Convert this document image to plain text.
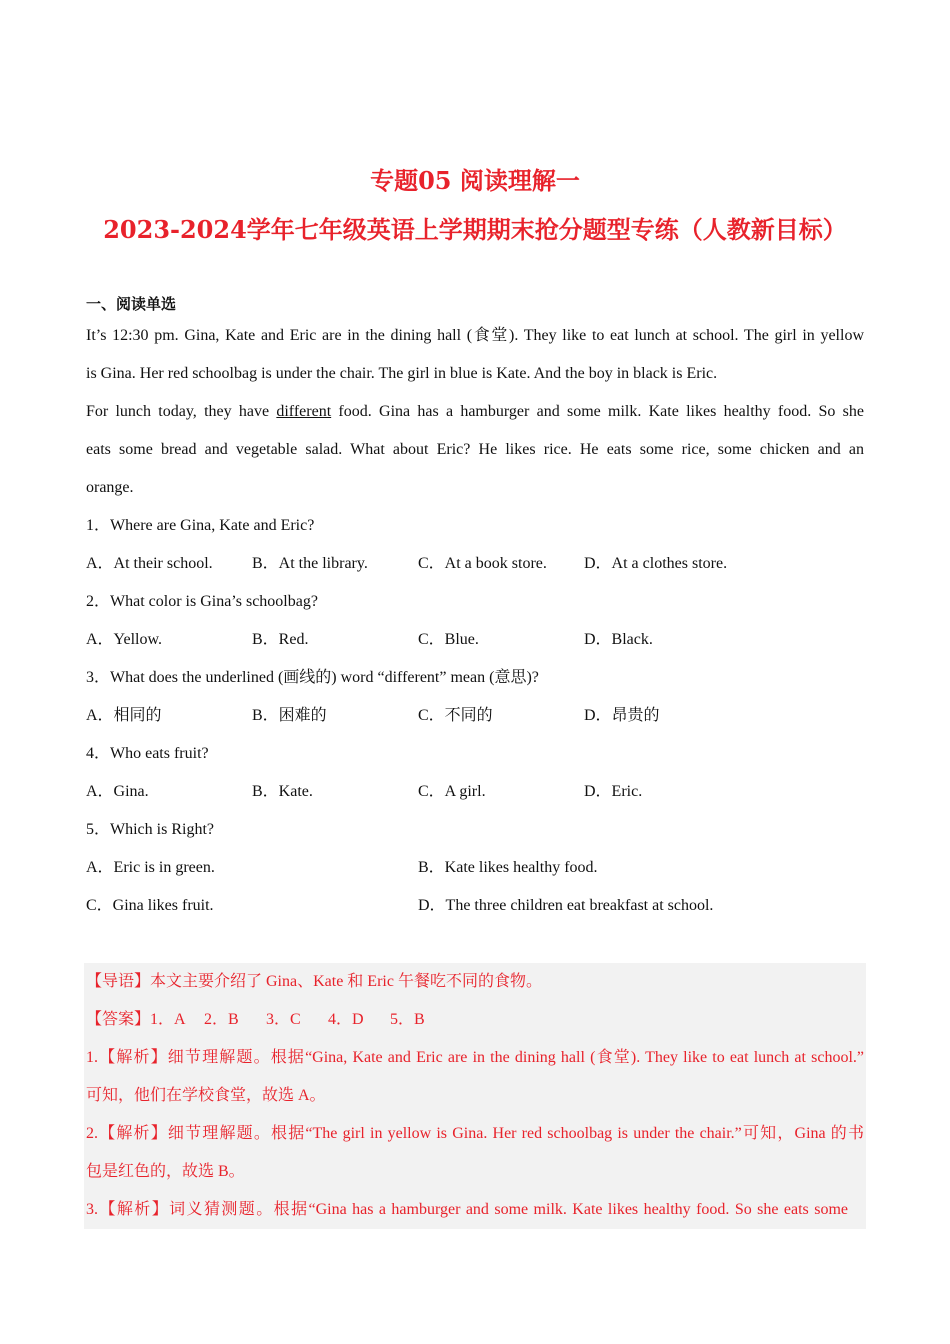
专题05 阅读理解一
2023-2024学年七年级英语上学期期末抢分题型专练（人教新目标）
一、阅读单选
It’s 12:30 pm. Gina, Kate and Eric are in the dining hall (食堂). They like to eat lunch at school. The girl in yellow
is Gina. Her red schoolbag is under the chair. The girl in blue is Kate. And the boy in black is Eric.
For lunch today, they have different food. Gina has a hamburger and some milk. Kate likes healthy food. So she
eats some bread and vegetable salad. What about Eric? He likes rice. He eats some rice, some chicken and an
orange.
1．Where are Gina, Kate and Eric?
A．At their school. B．At the library.	C．At a book store. D．At a clothes store.
2．What color is Gina’s schoolbag?
A．Yellow.	B．Red.	C．Blue.	D．Black.
3．What does the underlined (画线的) word “different” mean (意思)?
A．相同的	B．困难的	C．不同的	D．昂贵的
4．Who eats fruit?
A．Gina.	B．Kate.	C．A girl.	D．Eric.
5．Which is Right?
A．Eric is in green.	B．Kate likes healthy food.
C．Gina likes fruit.	D．The three children eat breakfast at school.
【导语】本文主要介绍了 Gina、Kate 和 Eric 午餐吃不同的食物。
【答案】1．A 2．B 3．C 4．D 5．B
1.【解析】细节理解题。根据“Gina, Kate and Eric are in the dining hall (食堂). They like to eat lunch at school.”
可知，他们在学校食堂，故选 A。
2.【解析】细节理解题。根据“The girl in yellow is Gina. Her red schoolbag is under the chair.”可知，Gina 的书
包是红色的，故选 B。
3.【解析】词义猜测题。根据“Gina has a hamburger and some milk. Kate likes healthy food. So she eats some
